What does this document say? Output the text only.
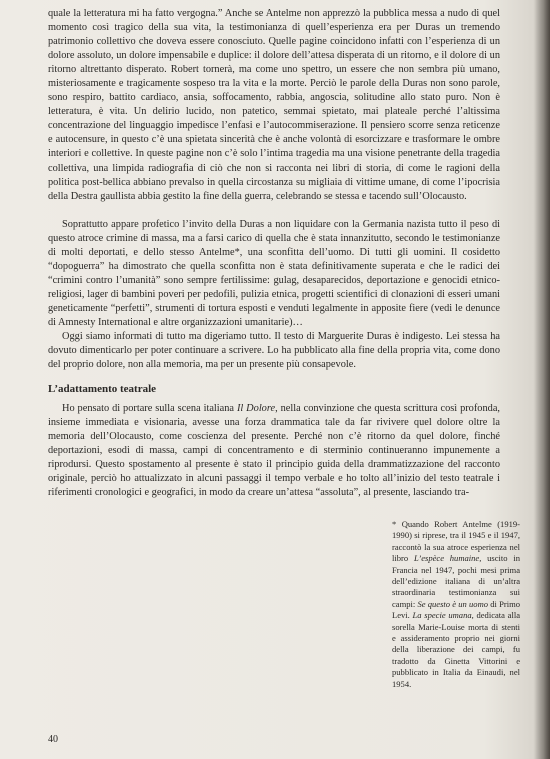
quale la letteratura mi ha fatto vergogna.” Anche se Antelme non apprezzò la pubblica messa a nudo di quel momento così tragico della sua vita, la testimonianza di quell’esperienza era per Duras un tremendo patrimonio collettivo che doveva essere conosciuto. Quelle pagine coincidono infatti con l’esperienza di un dolore assoluto, un dolore impensabile e duplice: il dolore dell’attesa disperata di un ritorno, e il dolore di un ritorno altrettanto disperato. Robert tornerà, ma come uno spettro, un essere che non sembra più umano, misteriosamente e tragicamente sospeso tra la vita e la morte. Perciò le parole della Duras non sono parole, sono respiro, battito cardiaco, ansia, soffocamento, rabbia, angoscia, solitudine allo stato puro. Non è letteratura, è vita. Un delirio lucido, non patetico, semmai spietato, mai plateale perché l’altissima concentrazione del linguaggio impedisce l’enfasi e l’autocommiserazione. Il pensiero scorre senza reticenze e autocensure, in questo c’è una spietata sincerità che è anche volontà di esorcizzare e trasformare le ombre interiori e collettive. In queste pagine non c’è solo l’intima tragedia ma una visione penetrante della tragedia collettiva, una limpida radiografia di ciò che non si racconta nei libri di storia, di come le ragioni della politica post-bellica abbiano prevalso in quella circostanza su migliaia di vittime umane, di come l’ipocrisia della Destra gaullista abbia gestito la fine della guerra, celebrando se stessa e tacendo sull’Olocausto.

Soprattutto appare profetico l’invito della Duras a non liquidare con la Germania nazista tutto il peso di questo atroce crimine di massa, ma a farsi carico di quella che è stata innanzitutto, secondo le testimonianze di molti deportati, e dello stesso Antelme*, una sconfitta dell’uomo. Di tutti gli uomini. Il cosidetto “dopoguerra” ha dimostrato che quella sconfitta non è stata definitivamente superata e che le radici dei “crimini contro l’umanità” sono sempre fertilissime: gulag, desaparecidos, deportazione e genocidi etnico-religiosi, lager di bambini poveri per pedofili, pulizia etnica, progetti scientifici di clonazioni di esseri umani geneticamente “perfetti”, strumenti di tortura esposti e venduti legalmente in apposite fiere (vedi le denunce di Amnesty International e altre organizzazioni umanitarie)…

Oggi siamo informati di tutto ma digeriamo tutto. Il testo di Marguerite Duras è indigesto. Lei stessa ha dovuto dimenticarlo per poter continuare a scrivere. Lo ha pubblicato alla fine della propria vita, come dono del proprio dolore, non alla memoria, ma per un presente più consapevole.

L’adattamento teatrale

Ho pensato di portare sulla scena italiana Il Dolore, nella convinzione che questa scrittura così profonda, insieme immediata e visionaria, avesse una forza drammatica tale da far rivivere quel dolore oltre la memoria dell’Olocausto, come coscienza del presente. Perché non c’è ritorno da quel dolore, finché deportazioni, esodi di massa, campi di concentramento e di sterminio continueranno impunemente a riprodursi. Questo spostamento al presente è stato il principio guida della drammatizzazione del racconto originale, perciò ho attualizzato in alcuni passaggi il tempo verbale e ho tolto all’inizio del testo teatrale i riferimenti cronologici e geografici, in modo da creare un’attesa “assoluta”, al presente, lasciando tra-

* Quando Robert Antelme (1919-1990) si riprese, tra il 1945 e il 1947, raccontò la sua atroce esperienza nel libro L’espèce humaine, uscito in Francia nel 1947, pochi mesi prima dell’edizione italiana di un’altra straordinaria testimonianza sui campi: Se questo è un uomo di Primo Levi. La specie umana, dedicata alla sorella Marie-Louise morta di stenti e assideramento proprio nei giorni della liberazione dei campi, fu tradotto da Ginetta Vittorini e pubblicato in Italia da Einaudi, nel 1954.
40
